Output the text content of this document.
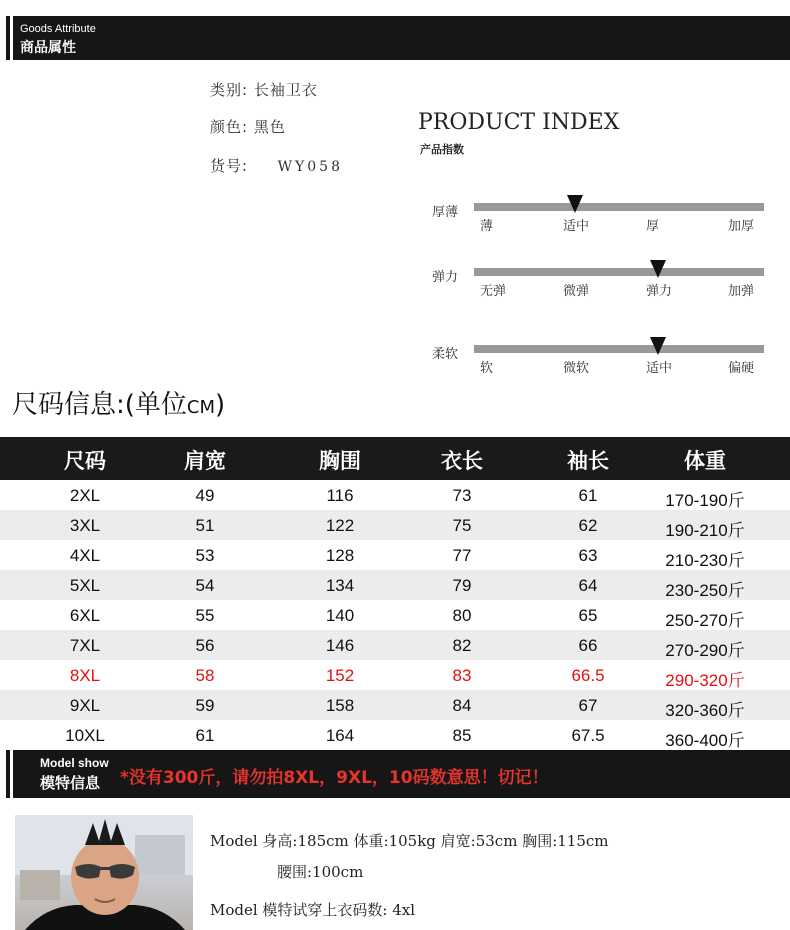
Goods Attribute
商品属性
类别: 长袖卫衣
颜色: 黑色
货号: WY058
PRODUCT INDEX
产品指数
厚薄
薄	适中	厚	加厚
弹力
无弹	微弹	弹力	加弹
柔软
软	微软	适中	偏硬
尺码信息:(单位CM)
尺码	肩宽	胸围	衣长	袖长	体重
2XL	49	116	73	61	170-190斤
3XL	51	122	75	62	190-210斤
4XL	53	128	77	63	210-230斤
5XL	54	134	79	64	230-250斤
6XL	55	140	80	65	250-270斤
7XL	56	146	82	66	270-290斤
8XL	58	152	83	66.5	290-320斤
9XL	59	158	84	67	320-360斤
10XL	61	164	85	67.5	360-400斤
Model show
模特信息 *没有300斤，请勿拍8XL，9XL，10码数意思！切记！
Model 身高:185cm 体重:105kg 肩宽:53cm 胸围:115cm
腰围:100cm
Model 模特试穿上衣码数: 4xl
